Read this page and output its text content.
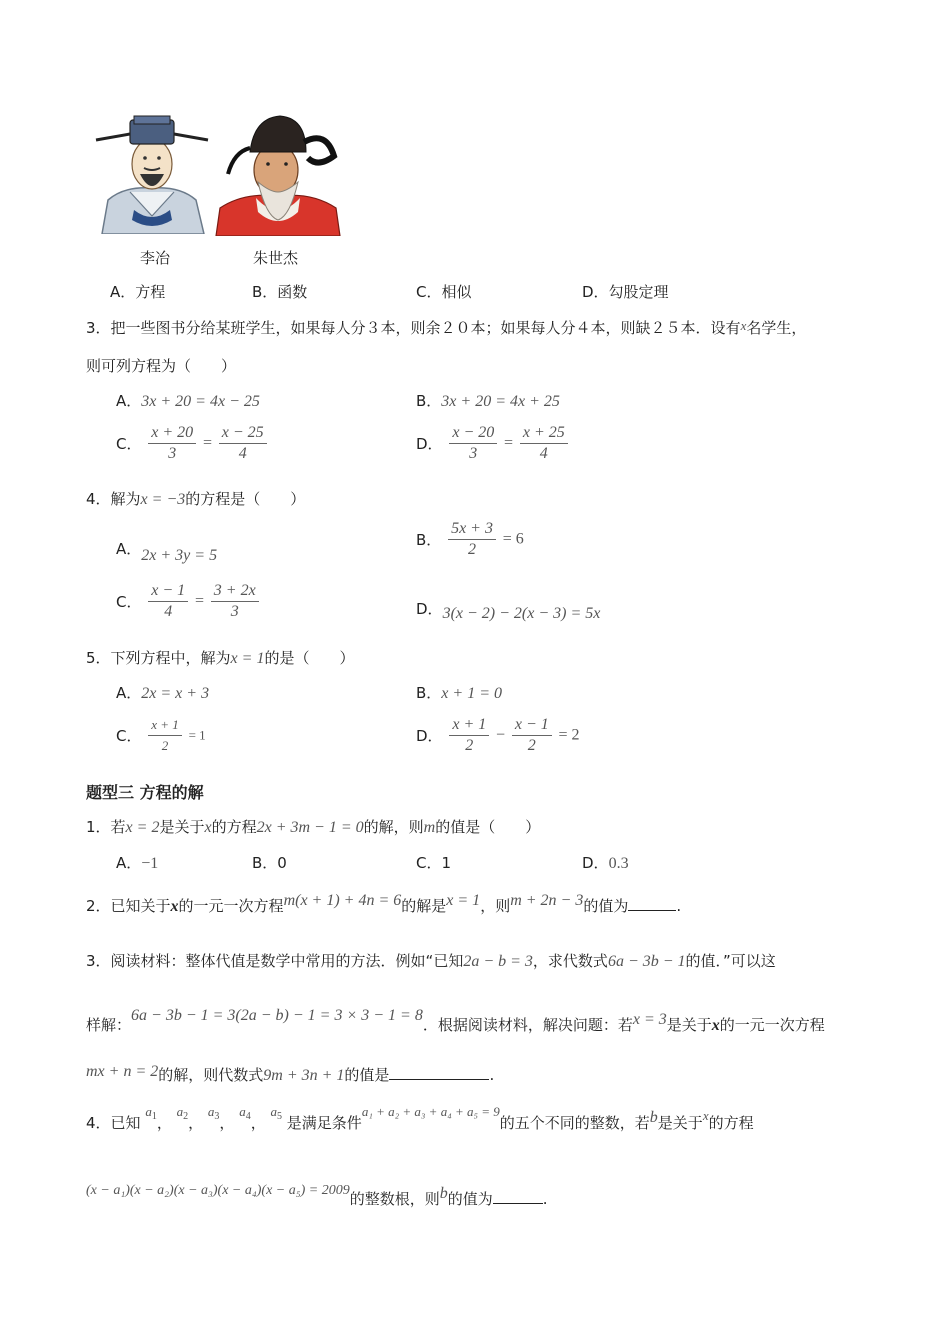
李冶	朱世杰
A．方程	B．函数	C．相似	D．勾股定理
3．把一些图书分给某班学生，如果每人分３本，则余２０本；如果每人分４本，则缺２５本．设有x名学生，
则可列方程为（　　）
A．3x + 20 = 4x − 25	B．3x + 20 = 4x + 25
C． $\frac{x + 20}{3} = \frac{x - 25}{4}$	D． $\frac{x - 20}{3} = \frac{x + 25}{4}$
4．解为x = −3的方程是（　　）
A．2x + 3y = 5
B． $\frac{5x + 3}{2} = 6$
C． $\frac{x - 1}{4} = \frac{3 + 2x}{3}$	D．3(x − 2) − 2(x − 3) = 5x
5．下列方程中，解为x = 1的是（　　）
A．2x = x + 3	B．x + 1 = 0
C． $\frac{x + 1}{2} = 1$	D． $\frac{x + 1}{2} - \frac{x - 1}{2} = 2$
题型三 方程的解
1．若x = 2是关于x的方程2x + 3m − 1 = 0的解，则m的值是（　　）
A．−1	B．0	C．1	D．0.3
2．已知关于x的一元一次方程m(x + 1) + 4n = 6的解是x = 1，则m + 2n − 3的值为	.
3．阅读材料：整体代值是数学中常用的方法．例如“已知2a − b = 3，求代数式6a − 3b − 1的值．”可以这
样解：6a − 3b − 1 = 3(2a − b) − 1 = 3 × 3 − 1 = 8．根据阅读材料，解决问题：若x = 3是关于x的一元一次方程
mx + n = 2的解，则代数式9m + 3n + 1的值是	.
4．已知 $a_1$， $a_2$， $a_3$， $a_4$， $a_5$ 是满足条件a₁ + a₂ + a₃ + a₄ + a₅ = 9的五个不同的整数，若b是关于x的方程
(x − a₁)(x − a₂)(x − a₃)(x − a₄)(x − a₅) = 2009的整数根，则b的值为	.
